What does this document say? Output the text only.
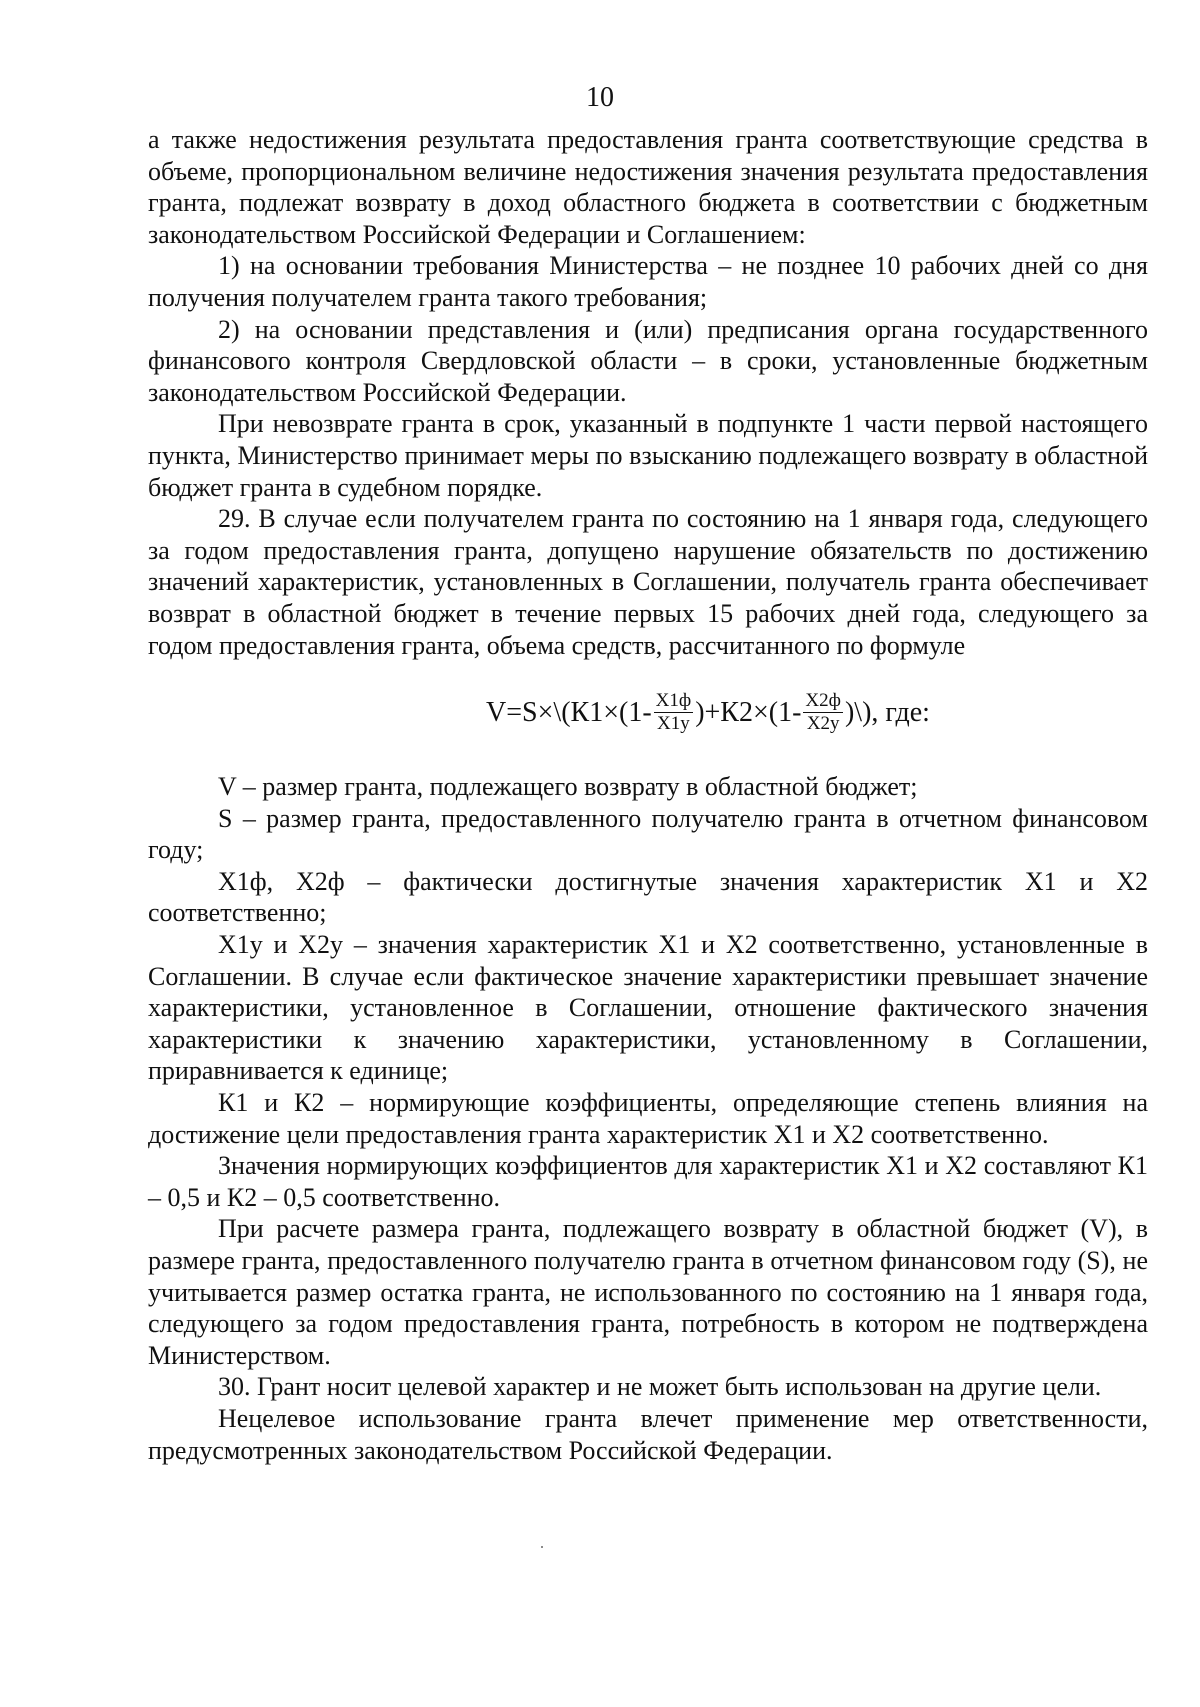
10

а также недостижения результата предоставления гранта соответствующие средства в объеме, пропорциональном величине недостижения значения результата предоставления гранта, подлежат возврату в доход областного бюджета в соответствии с бюджетным законодательством Российской Федерации и Соглашением:

1) на основании требования Министерства – не позднее 10 рабочих дней со дня получения получателем гранта такого требования;

2) на основании представления и (или) предписания органа государственного финансового контроля Свердловской области – в сроки, установленные бюджетным законодательством Российской Федерации.

При невозврате гранта в срок, указанный в подпункте 1 части первой настоящего пункта, Министерство принимает меры по взысканию подлежащего возврату в областной бюджет гранта в судебном порядке.

29. В случае если получателем гранта по состоянию на 1 января года, следующего за годом предоставления гранта, допущено нарушение обязательств по достижению значений характеристик, установленных в Соглашении, получатель гранта обеспечивает возврат в областной бюджет в течение первых 15 рабочих дней года, следующего за годом предоставления гранта, объема средств, рассчитанного по формуле

V=S×\(К1×(1- $\frac{X1ф}{X1у} )+К2\times(1- \frac{X2ф}{X2у}$ )\), где:

V – размер гранта, подлежащего возврату в областной бюджет;

S – размер гранта, предоставленного получателю гранта в отчетном финансовом году;

X1ф, X2ф – фактически достигнутые значения характеристик X1 и X2 соответственно;

X1у и X2у – значения характеристик X1 и X2 соответственно, установленные в Соглашении. В случае если фактическое значение характеристики превышает значение характеристики, установленное в Соглашении, отношение фактического значения характеристики к значению характеристики, установленному в Соглашении, приравнивается к единице;

К1 и К2 – нормирующие коэффициенты, определяющие степень влияния на достижение цели предоставления гранта характеристик X1 и X2 соответственно.

Значения нормирующих коэффициентов для характеристик X1 и X2 составляют К1 – 0,5 и К2 – 0,5 соответственно.

При расчете размера гранта, подлежащего возврату в областной бюджет (V), в размере гранта, предоставленного получателю гранта в отчетном финансовом году (S), не учитывается размер остатка гранта, не использованного по состоянию на 1 января года, следующего за годом предоставления гранта, потребность в котором не подтверждена Министерством.

30. Грант носит целевой характер и не может быть использован на другие цели.

Нецелевое использование гранта влечет применение мер ответственности, предусмотренных законодательством Российской Федерации.
